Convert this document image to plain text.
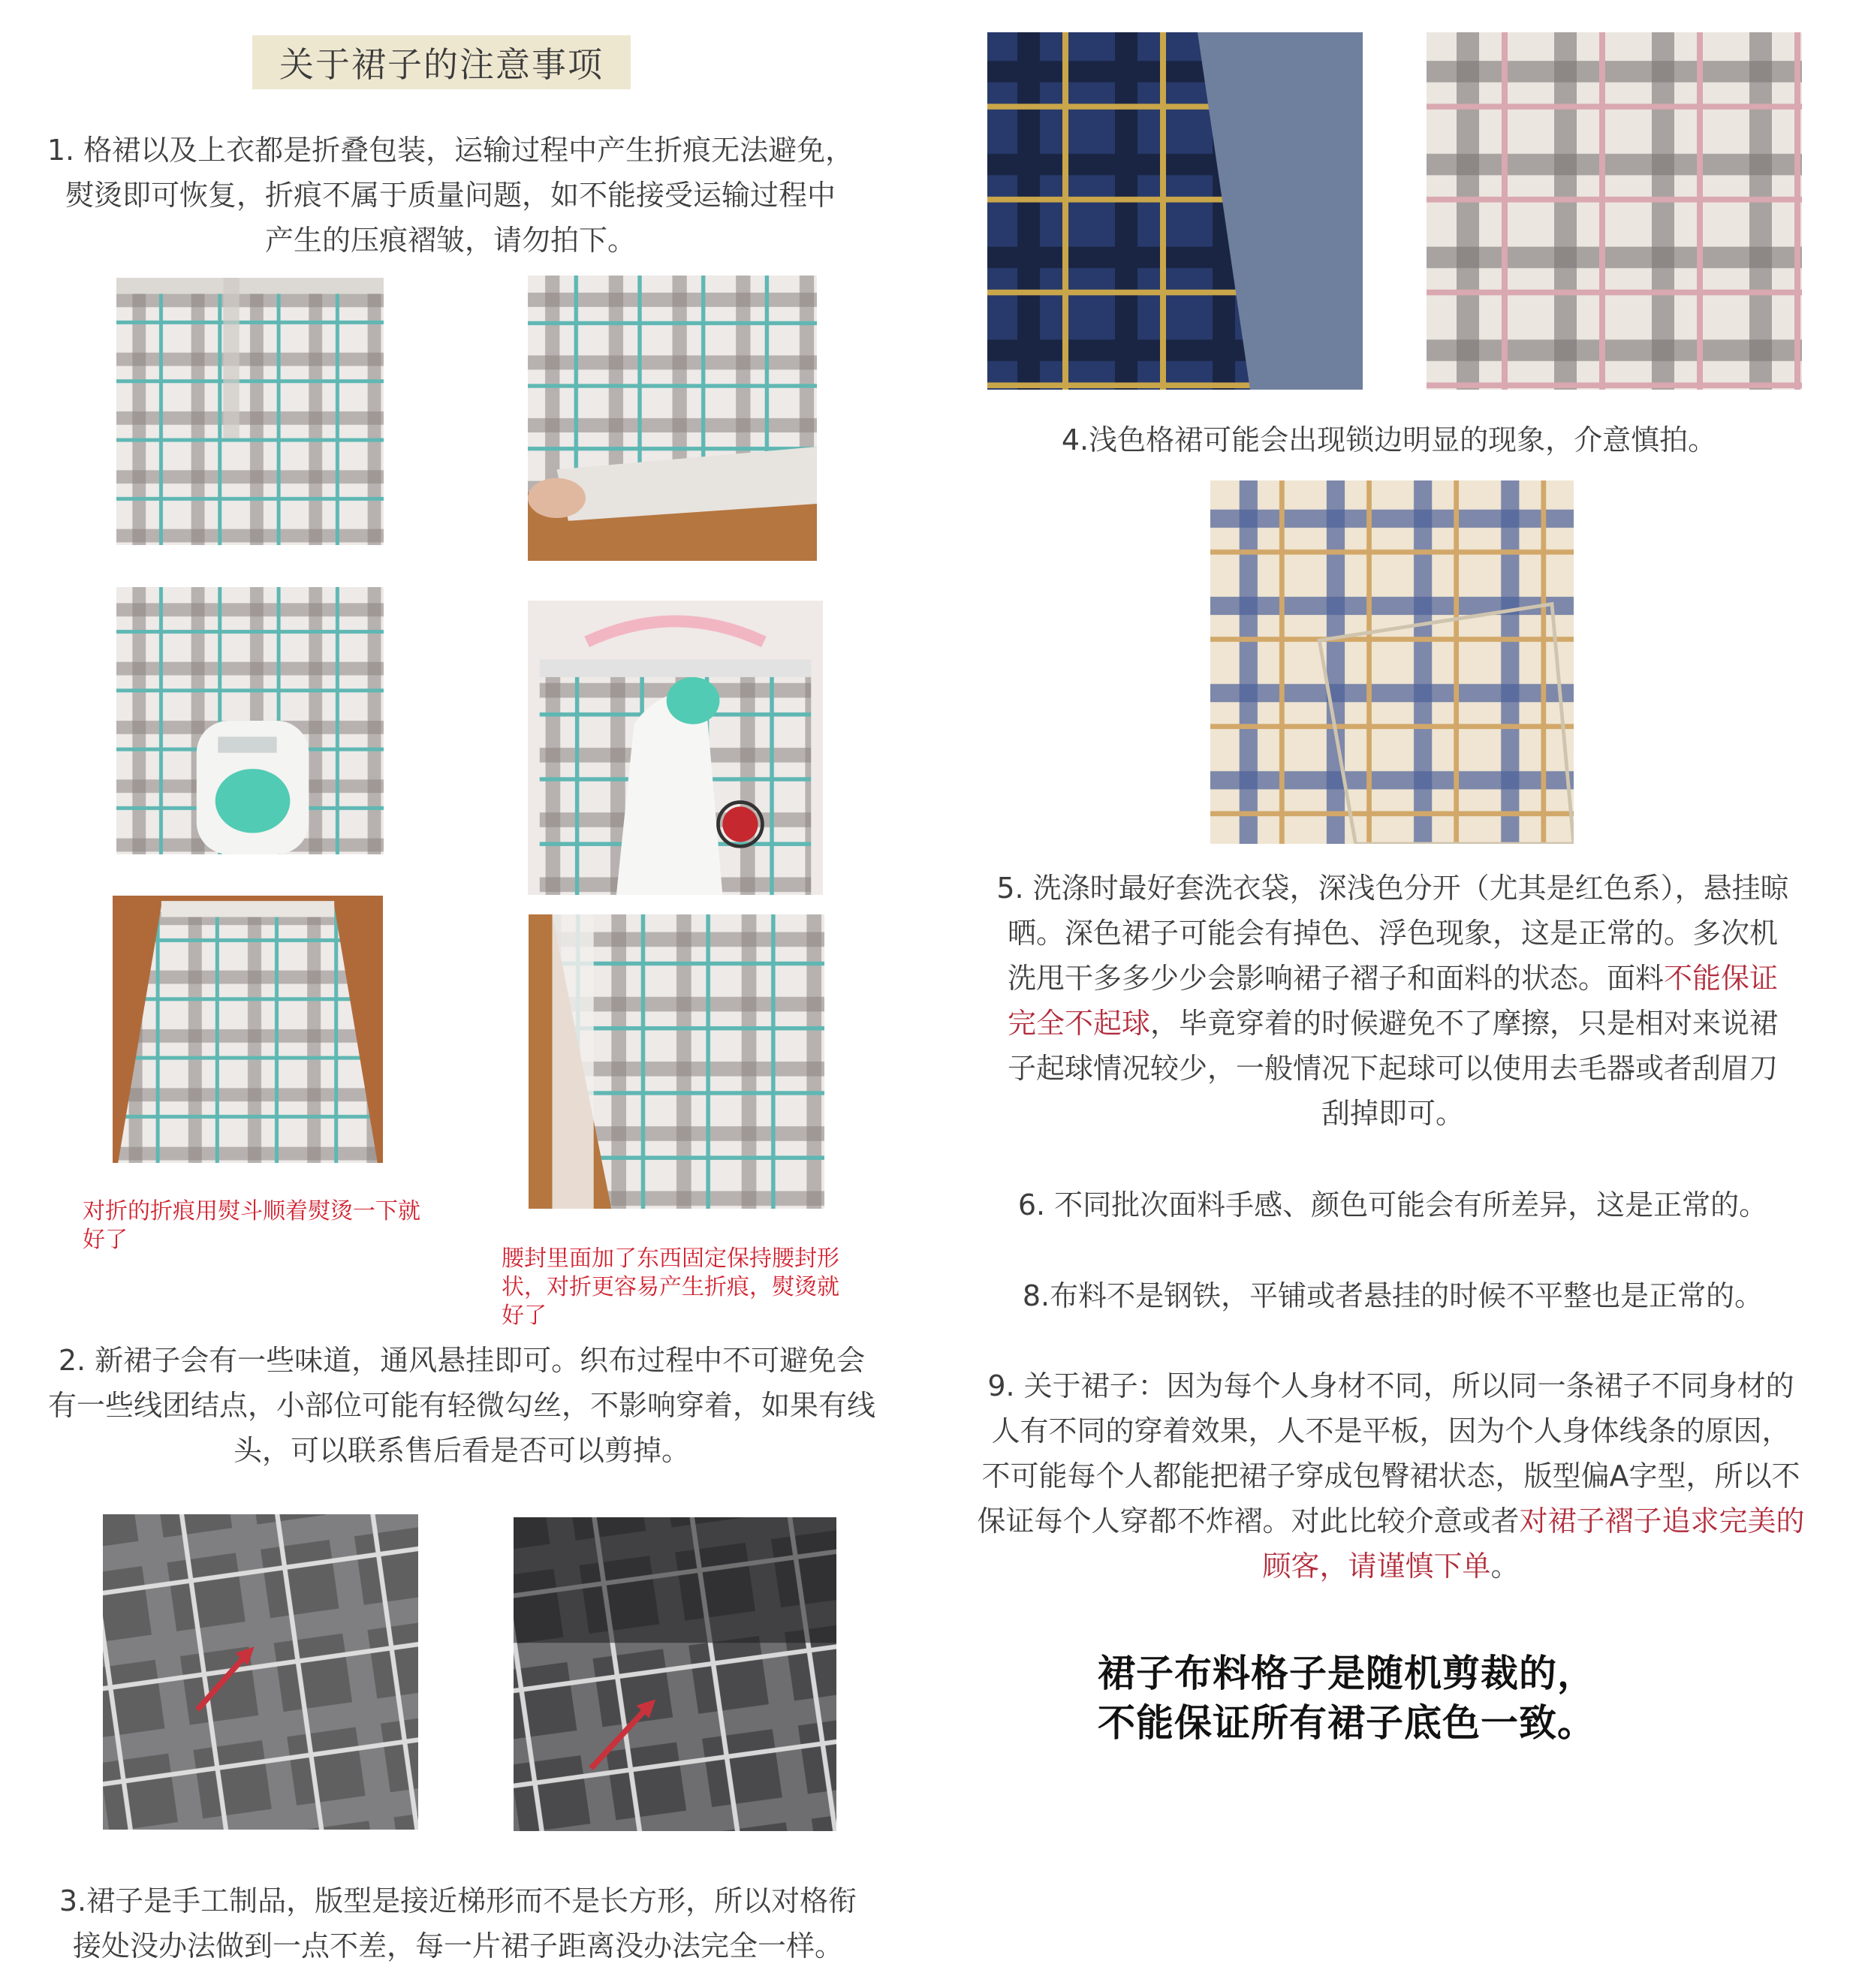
关于裙子的注意事项
1. 格裙以及上衣都是折叠包装，运输过程中产生折痕无法避免，
熨烫即可恢复，折痕不属于质量问题，如不能接受运输过程中
产生的压痕褶皱，请勿拍下。
对折的折痕用熨斗顺着熨烫一下就
好了
腰封里面加了东西固定保持腰封形
状，对折更容易产生折痕，熨烫就
好了
2. 新裙子会有一些味道，通风悬挂即可。织布过程中不可避免会
有一些线团结点，小部位可能有轻微勾丝，不影响穿着，如果有线
头，可以联系售后看是否可以剪掉。
3.裙子是手工制品，版型是接近梯形而不是长方形，所以对格衔
接处没办法做到一点不差，每一片裙子距离没办法完全一样。
4.浅色格裙可能会出现锁边明显的现象，介意慎拍。
5. 洗涤时最好套洗衣袋，深浅色分开（尤其是红色系），悬挂晾
晒。深色裙子可能会有掉色、浮色现象，这是正常的。多次机
洗甩干多多少少会影响裙子褶子和面料的状态。面料不能保证
完全不起球，毕竟穿着的时候避免不了摩擦，只是相对来说裙
子起球情况较少，一般情况下起球可以使用去毛器或者刮眉刀
刮掉即可。
6. 不同批次面料手感、颜色可能会有所差异，这是正常的。
8.布料不是钢铁，平铺或者悬挂的时候不平整也是正常的。
9. 关于裙子：因为每个人身材不同，所以同一条裙子不同身材的
人有不同的穿着效果，人不是平板，因为个人身体线条的原因，
不可能每个人都能把裙子穿成包臀裙状态，版型偏A字型，所以不
保证每个人穿都不炸褶。对此比较介意或者对裙子褶子追求完美的
顾客，请谨慎下单。
裙子布料格子是随机剪裁的，
不能保证所有裙子底色一致。
